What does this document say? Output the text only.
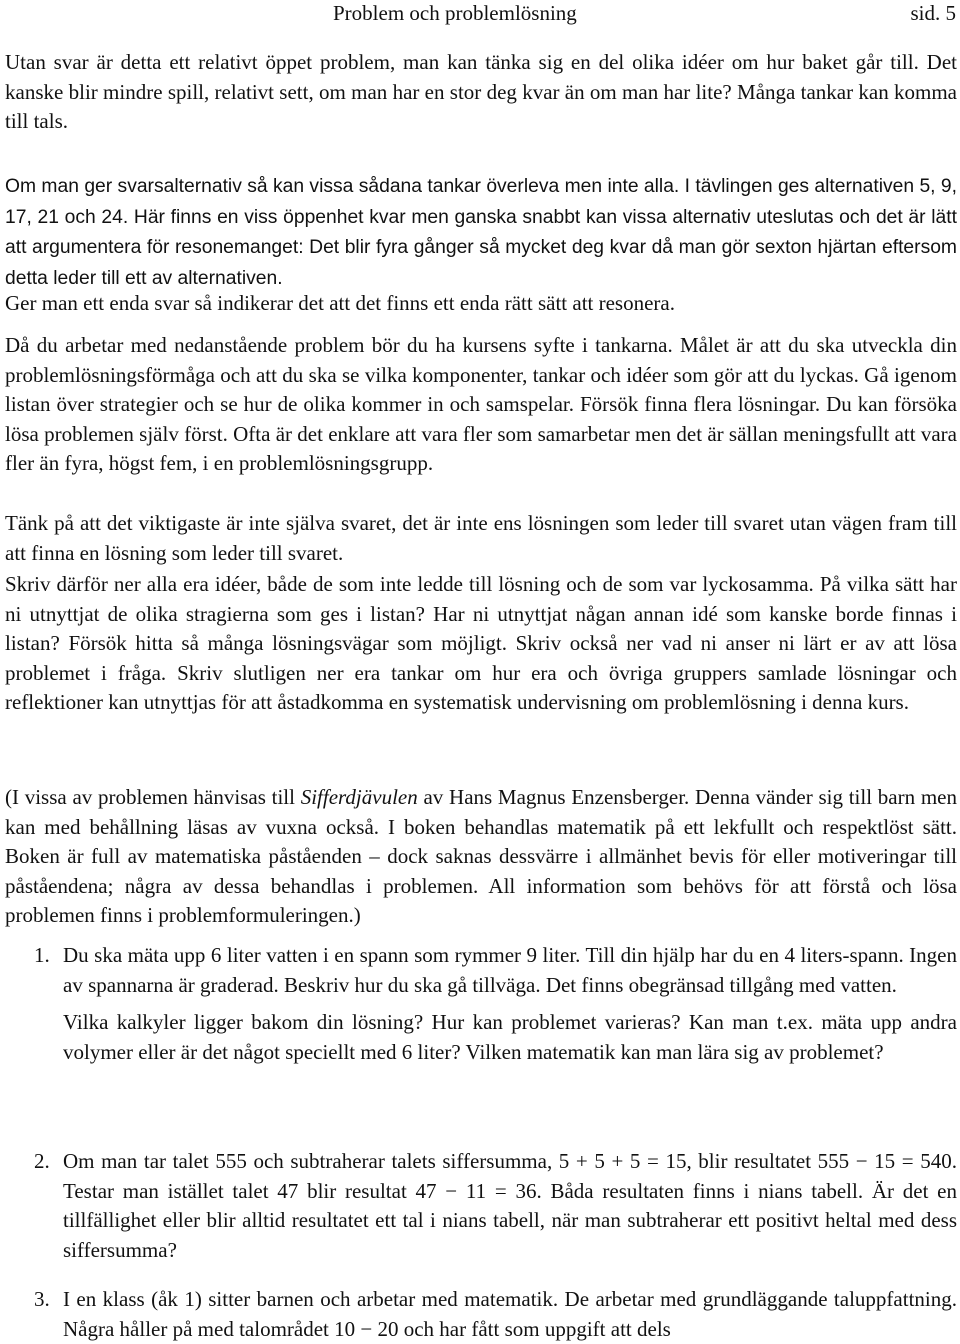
Problem och problemlösning	sid. 5

Utan svar är detta ett relativt öppet problem, man kan tänka sig en del olika idéer om hur baket går till. Det kanske blir mindre spill, relativt sett, om man har en stor deg kvar än om man har lite? Många tankar kan komma till tals.

Om man ger svarsalternativ så kan vissa sådana tankar överleva men inte alla. I tävlingen ges alternativen 5, 9, 17, 21 och 24. Här finns en viss öppenhet kvar men ganska snabbt kan vissa alternativ uteslutas och det är lätt att argumentera för resonemanget: Det blir fyra gånger så mycket deg kvar då man gör sexton hjärtan eftersom detta leder till ett av alternativen.

Ger man ett enda svar så indikerar det att det finns ett enda rätt sätt att resonera.

Då du arbetar med nedanstående problem bör du ha kursens syfte i tankarna. Målet är att du ska utveckla din problemlösningsförmåga och att du ska se vilka komponenter, tankar och idéer som gör att du lyckas. Gå igenom listan över strategier och se hur de olika kommer in och samspelar. Försök finna flera lösningar. Du kan försöka lösa problemen själv först. Ofta är det enklare att vara fler som samarbetar men det är sällan meningsfullt att vara fler än fyra, högst fem, i en problemlösningsgrupp.

Tänk på att det viktigaste är inte själva svaret, det är inte ens lösningen som leder till svaret utan vägen fram till att finna en lösning som leder till svaret.

Skriv därför ner alla era idéer, både de som inte ledde till lösning och de som var lyckosamma. På vilka sätt har ni utnyttjat de olika stragierna som ges i listan? Har ni utnyttjat någan annan idé som kanske borde finnas i listan? Försök hitta så många lösningsvägar som möjligt. Skriv också ner vad ni anser ni lärt er av att lösa problemet i fråga. Skriv slutligen ner era tankar om hur era och övriga gruppers samlade lösningar och reflektioner kan utnyttjas för att åstadkomma en systematisk undervisning om problemlösning i denna kurs.

(I vissa av problemen hänvisas till Sifferdjävulen av Hans Magnus Enzensberger. Denna vänder sig till barn men kan med behållning läsas av vuxna också. I boken behandlas matematik på ett lekfullt och respektlöst sätt. Boken är full av matematiska påståenden – dock saknas dessvärre i allmänhet bevis för eller motiveringar till påståendena; några av dessa behandlas i problemen. All information som behövs för att förstå och lösa problemen finns i problemformuleringen.)

1. Du ska mäta upp 6 liter vatten i en spann som rymmer 9 liter. Till din hjälp har du en 4 liters-spann. Ingen av spannarna är graderad. Beskriv hur du ska gå tillväga. Det finns obegränsad tillgång med vatten.
Vilka kalkyler ligger bakom din lösning? Hur kan problemet varieras? Kan man t.ex. mäta upp andra volymer eller är det något speciellt med 6 liter? Vilken matematik kan man lära sig av problemet?

2. Om man tar talet 555 och subtraherar talets siffersumma, 5 + 5 + 5 = 15, blir resultatet 555 − 15 = 540. Testar man istället talet 47 blir resultat 47 − 11 = 36. Båda resultaten finns i nians tabell. Är det en tillfällighet eller blir alltid resultatet ett tal i nians tabell, när man subtraherar ett positivt heltal med dess siffersumma?

3. I en klass (åk 1) sitter barnen och arbetar med matematik. De arbetar med grundläggande taluppfattning. Några håller på med talområdet 10 − 20 och har fått som uppgift att dels
